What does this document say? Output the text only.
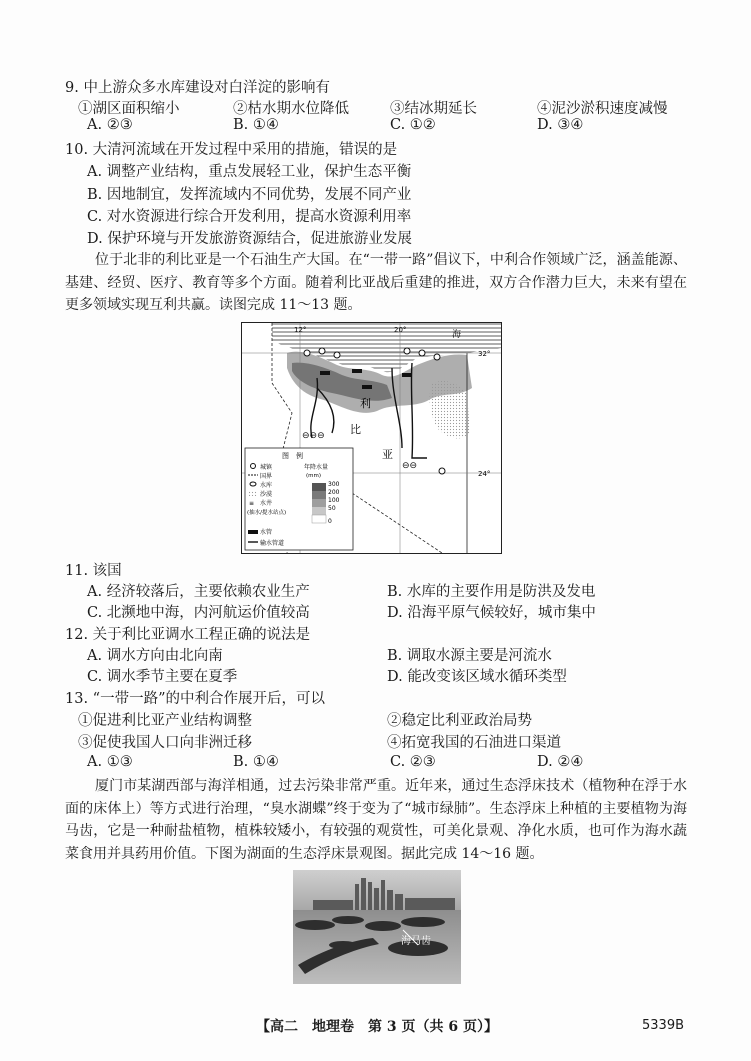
9. 中上游众多水库建设对白洋淀的影响有
①湖区面积缩小	②枯水期水位降低	③结冰期延长	④泥沙淤积速度减慢
A. ②③	B. ①④	C. ①②	D. ③④
10. 大清河流域在开发过程中采用的措施，错误的是
A. 调整产业结构，重点发展轻工业，保护生态平衡
B. 因地制宜，发挥流域内不同优势，发展不同产业
C. 对水资源进行综合开发利用，提高水资源利用率
D. 保护环境与开发旅游资源结合，促进旅游业发展
位于北非的利比亚是一个石油生产大国。在“一带一路”倡议下，中利合作领域广泛，涵盖能源、基建、经贸、医疗、教育等多个方面。随着利比亚战后重建的推进，双方合作潜力巨大，未来有望在更多领域实现互利共赢。读图完成 11～13 题。
⊖⊖⊖
⊖⊖
12°	20°
32°
24°
海
利
比
亚
图　例
城镇
国界
水库
沙漠
≡ 水井
(抽水/提水站点)
水管
输水管道
年降水量
(mm)
300
200
100
50
0
11. 该国
A. 经济较落后，主要依赖农业生产	B. 水库的主要作用是防洪及发电
C. 北濒地中海，内河航运价值较高	D. 沿海平原气候较好，城市集中
12. 关于利比亚调水工程正确的说法是
A. 调水方向由北向南	B. 调取水源主要是河流水
C. 调水季节主要在夏季	D. 能改变该区域水循环类型
13. “一带一路”的中利合作展开后，可以
①促进利比亚产业结构调整	②稳定比利亚政治局势
③促使我国人口向非洲迁移	④拓宽我国的石油进口渠道
A. ①③	B. ①④	C. ②③	D. ②④
厦门市某湖西部与海洋相通，过去污染非常严重。近年来，通过生态浮床技术（植物种在浮于水面的床体上）等方式进行治理，“臭水湖蝶”终于变为了“城市绿肺”。生态浮床上种植的主要植物为海马齿，它是一种耐盐植物，植株较矮小，有较强的观赏性，可美化景观、净化水质，也可作为海水蔬菜食用并具药用价值。下图为湖面的生态浮床景观图。据此完成 14～16 题。
海马齿
【高二　地理卷　第 3 页（共 6 页）】	5339B
